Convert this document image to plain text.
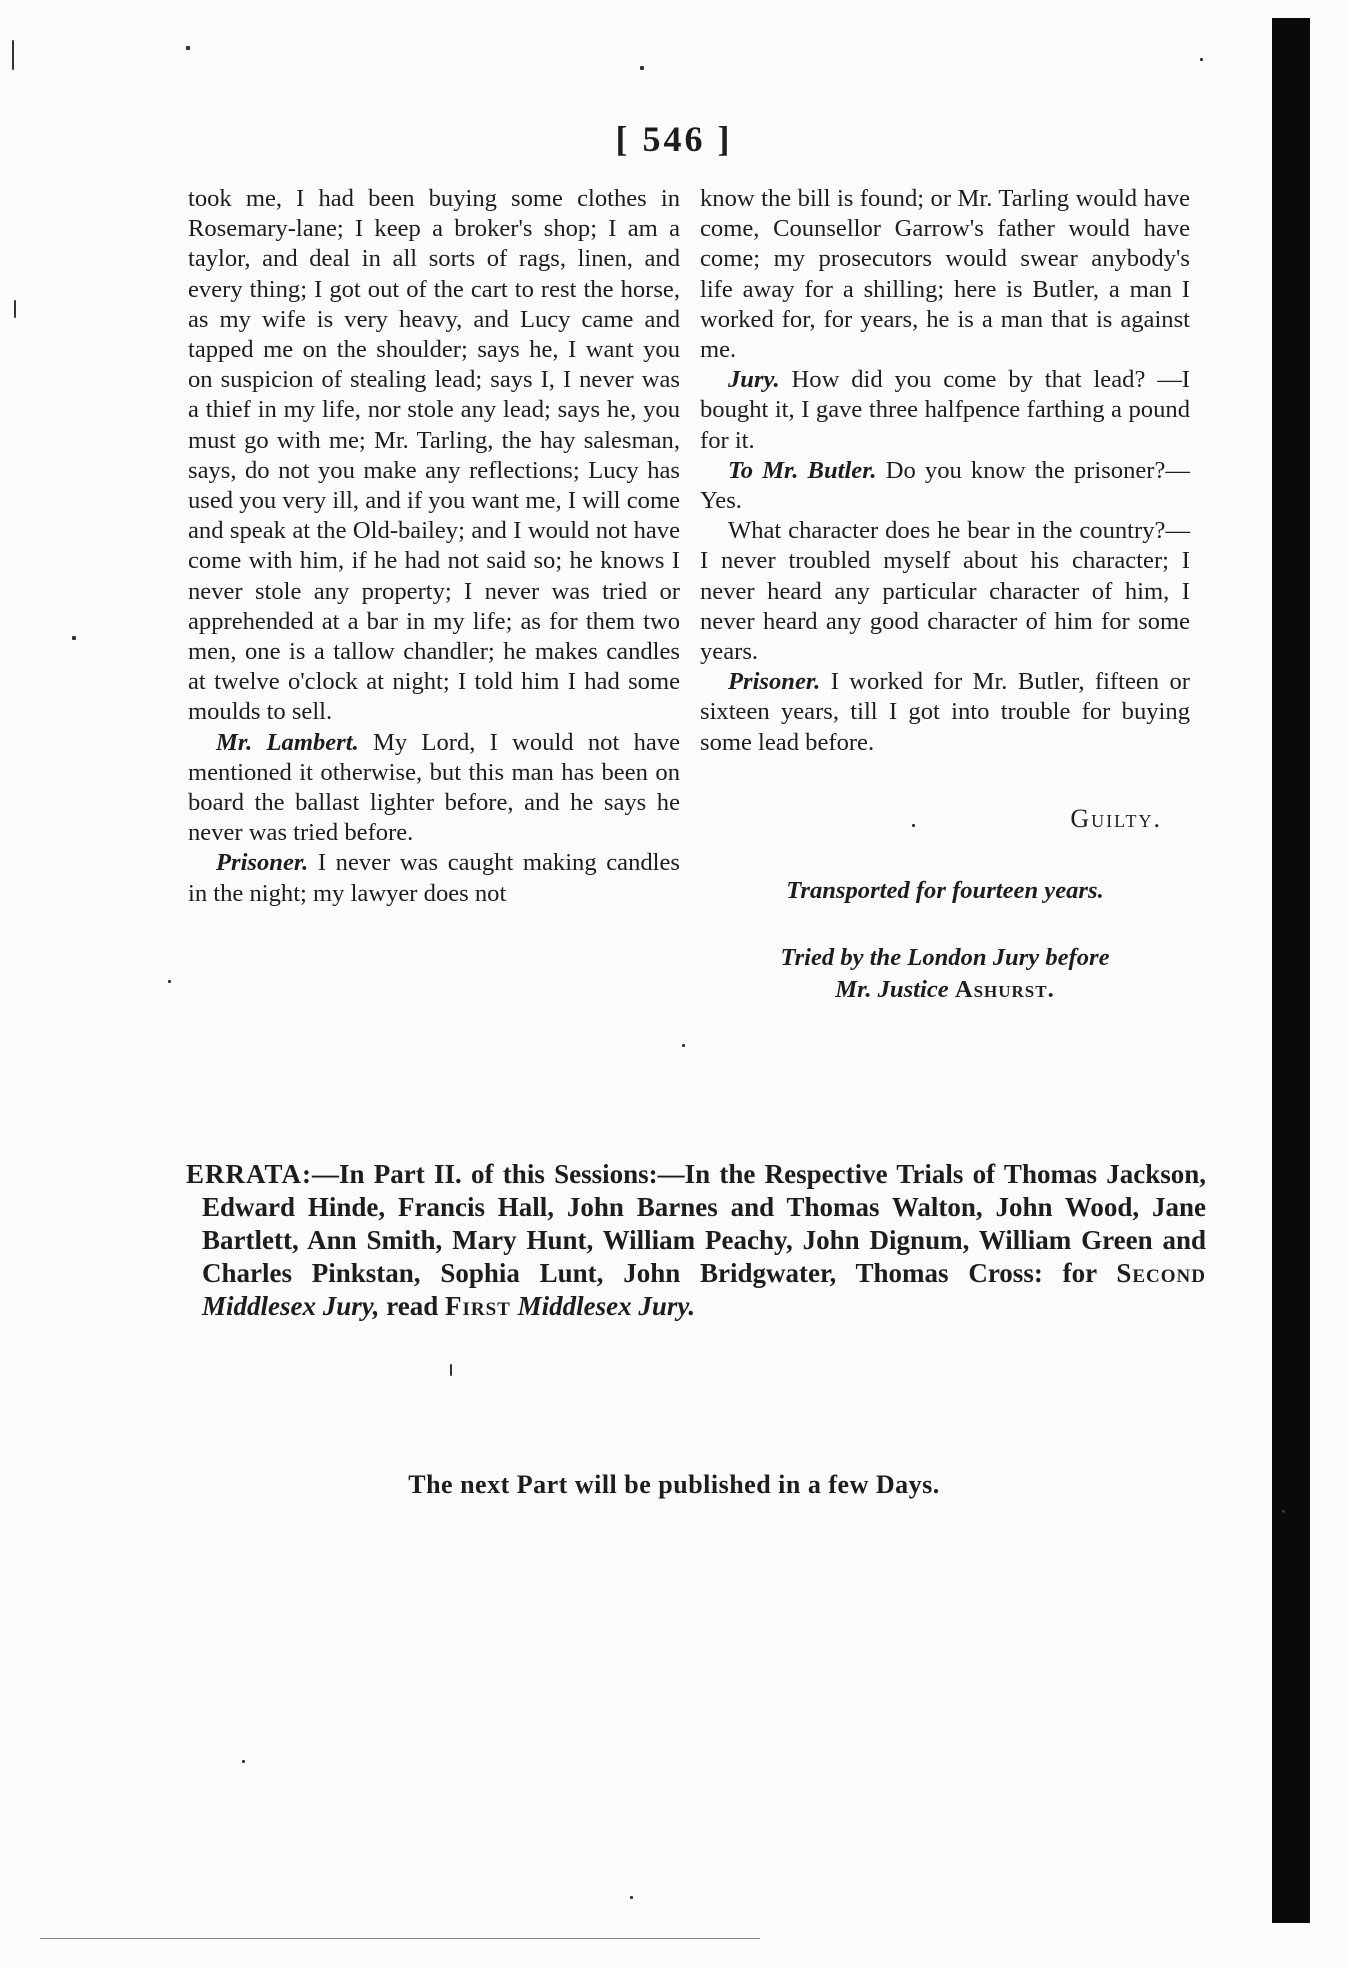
[ 546 ]

took me, I had been buying some clothes in Rosemary-lane; I keep a broker's shop; I am a taylor, and deal in all sorts of rags, linen, and every thing; I got out of the cart to rest the horse, as my wife is very heavy, and Lucy came and tapped me on the shoulder; says he, I want you on suspicion of stealing lead; says I, I never was a thief in my life, nor stole any lead; says he, you must go with me; Mr. Tarling, the hay salesman, says, do not you make any reflections; Lucy has used you very ill, and if you want me, I will come and speak at the Old-bailey; and I would not have come with him, if he had not said so; he knows I never stole any property; I never was tried or apprehended at a bar in my life; as for them two men, one is a tallow chandler; he makes candles at twelve o'clock at night; I told him I had some moulds to sell.

Mr. Lambert. My Lord, I would not have mentioned it otherwise, but this man has been on board the ballast lighter before, and he says he never was tried before.

Prisoner. I never was caught making candles in the night; my lawyer does not

know the bill is found; or Mr. Tarling would have come, Counsellor Garrow's father would have come; my prosecutors would swear anybody's life away for a shilling; here is Butler, a man I worked for, for years, he is a man that is against me.

Jury. How did you come by that lead? —I bought it, I gave three halfpence farthing a pound for it.

To Mr. Butler. Do you know the prisoner?—Yes.

What character does he bear in the country?—I never troubled myself about his character; I never heard any particular character of him, I never heard any good character of him for some years.

Prisoner. I worked for Mr. Butler, fifteen or sixteen years, till I got into trouble for buying some lead before.

Guilty.
Transported for fourteen years.
Tried by the London Jury before
Mr. Justice Ashurst.
ERRATA:—In Part II. of this Sessions:—In the Respective Trials of Thomas Jackson, Edward Hinde, Francis Hall, John Barnes and Thomas Walton, John Wood, Jane Bartlett, Ann Smith, Mary Hunt, William Peachy, John Dignum, William Green and Charles Pinkstan, Sophia Lunt, John Bridgwater, Thomas Cross: for Second Middlesex Jury, read First Middlesex Jury.
The next Part will be published in a few Days.
